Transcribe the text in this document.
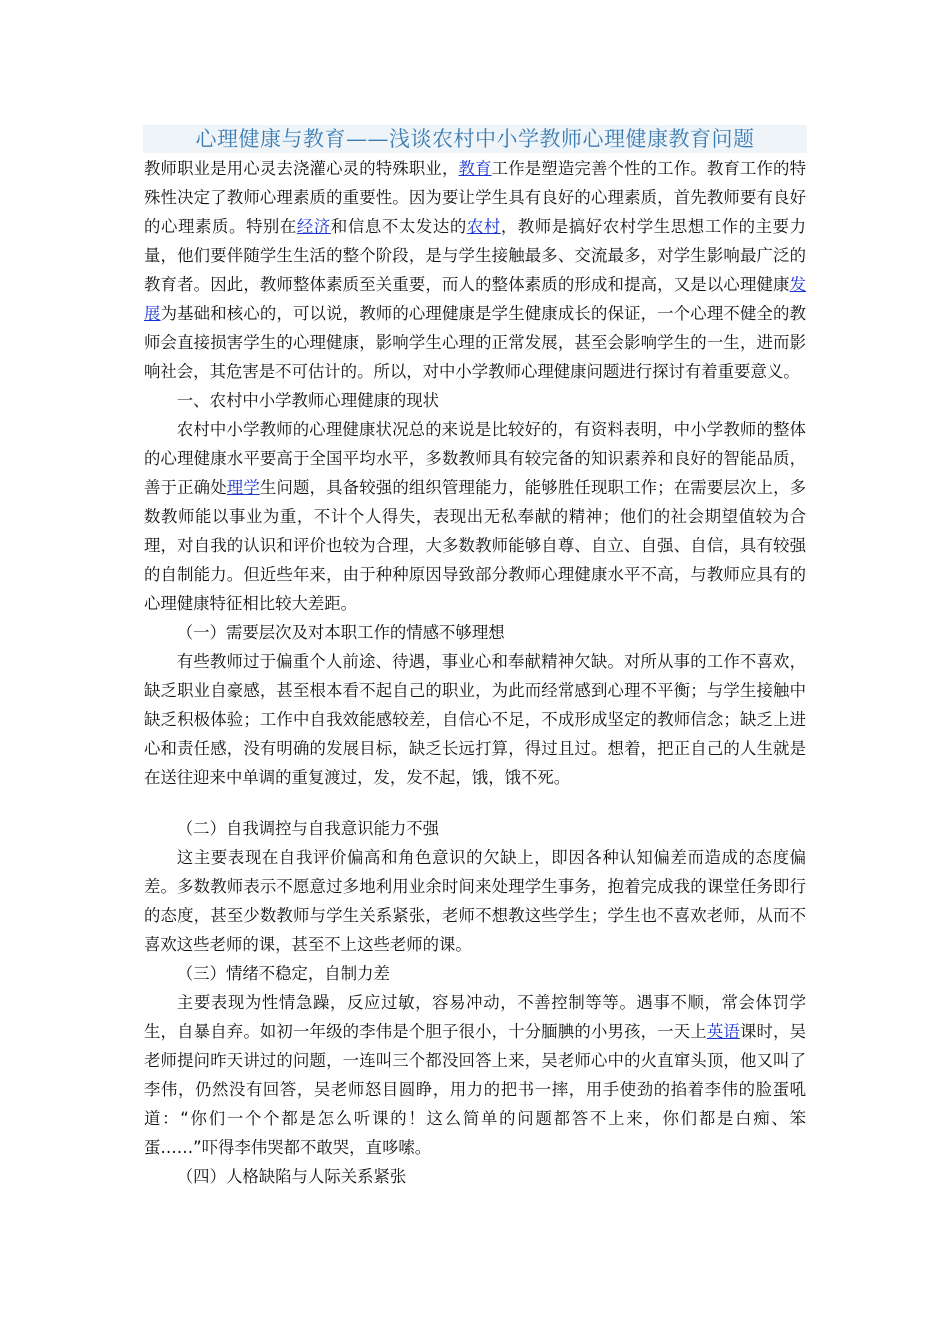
心理健康与教育——浅谈农村中小学教师心理健康教育问题

教师职业是用心灵去浇灌心灵的特殊职业，教育工作是塑造完善个性的工作。教育工作的特殊性决定了教师心理素质的重要性。因为要让学生具有良好的心理素质，首先教师要有良好的心理素质。特别在经济和信息不太发达的农村，教师是搞好农村学生思想工作的主要力量，他们要伴随学生生活的整个阶段，是与学生接触最多、交流最多，对学生影响最广泛的教育者。因此，教师整体素质至关重要，而人的整体素质的形成和提高，又是以心理健康发展为基础和核心的，可以说，教师的心理健康是学生健康成长的保证，一个心理不健全的教师会直接损害学生的心理健康，影响学生心理的正常发展，甚至会影响学生的一生，进而影响社会，其危害是不可估计的。所以，对中小学教师心理健康问题进行探讨有着重要意义。

一、农村中小学教师心理健康的现状

农村中小学教师的心理健康状况总的来说是比较好的，有资料表明，中小学教师的整体的心理健康水平要高于全国平均水平，多数教师具有较完备的知识素养和良好的智能品质，善于正确处理学生问题，具备较强的组织管理能力，能够胜任现职工作；在需要层次上，多数教师能以事业为重，不计个人得失，表现出无私奉献的精神；他们的社会期望值较为合理，对自我的认识和评价也较为合理，大多数教师能够自尊、自立、自强、自信，具有较强的自制能力。但近些年来，由于种种原因导致部分教师心理健康水平不高，与教师应具有的心理健康特征相比较大差距。

（一）需要层次及对本职工作的情感不够理想

有些教师过于偏重个人前途、待遇，事业心和奉献精神欠缺。对所从事的工作不喜欢，缺乏职业自豪感，甚至根本看不起自己的职业，为此而经常感到心理不平衡；与学生接触中缺乏积极体验；工作中自我效能感较差，自信心不足，不成形成坚定的教师信念；缺乏上进心和责任感，没有明确的发展目标，缺乏长远打算，得过且过。想着，把正自己的人生就是在送往迎来中单调的重复渡过，发，发不起，饿，饿不死。

（二）自我调控与自我意识能力不强

这主要表现在自我评价偏高和角色意识的欠缺上，即因各种认知偏差而造成的态度偏差。多数教师表示不愿意过多地利用业余时间来处理学生事务，抱着完成我的课堂任务即行的态度，甚至少数教师与学生关系紧张，老师不想教这些学生；学生也不喜欢老师，从而不喜欢这些老师的课，甚至不上这些老师的课。

（三）情绪不稳定，自制力差

主要表现为性情急躁，反应过敏，容易冲动，不善控制等等。遇事不顺，常会体罚学生，自暴自弃。如初一年级的李伟是个胆子很小，十分腼腆的小男孩，一天上英语课时，吴老师提问昨天讲过的问题，一连叫三个都没回答上来，吴老师心中的火直窜头顶，他又叫了李伟，仍然没有回答，吴老师怒目圆睁，用力的把书一摔，用手使劲的掐着李伟的脸蛋吼道：“你们一个个都是怎么听课的！这么简单的问题都答不上来，你们都是白痴、笨蛋……”吓得李伟哭都不敢哭，直哆嗦。

（四）人格缺陷与人际关系紧张
